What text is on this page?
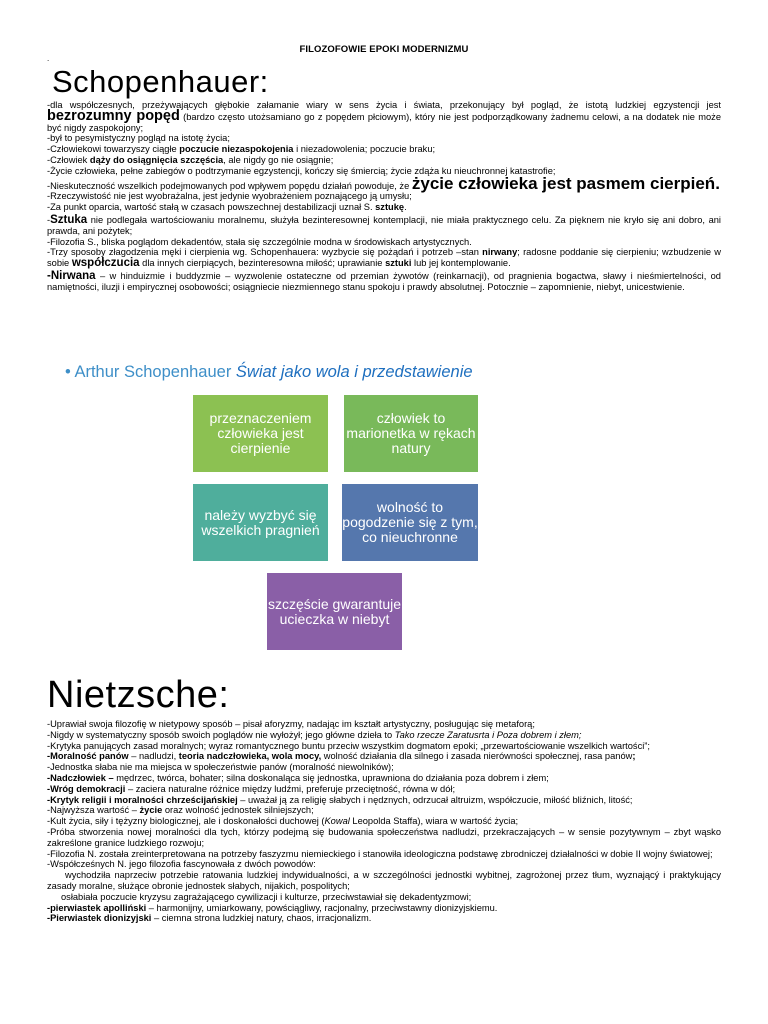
FILOZOFOWIE EPOKI MODERNIZMU
.
Schopenhauer:

-dla współczesnych, przeżywających głębokie załamanie wiary w sens życia i świata, przekonujący był pogląd, że istotą ludzkiej egzystencji jest bezrozumny popęd (bardzo często utożsamiano go z popędem płciowym), który nie jest podporządkowany żadnemu celowi, a na dodatek nie może być nigdy zaspokojony;

-był to pesymistyczny pogląd na istotę życia;

-Człowiekowi towarzyszy ciągłe poczucie niezaspokojenia i niezadowolenia; poczucie braku;

-Człowiek dąży do osiągnięcia szczęścia, ale nigdy go nie osiągnie;

-Życie człowieka, pełne zabiegów o podtrzymanie egzystencji, kończy się śmiercią; życie zdąża ku nieuchronnej katastrofie;

-Nieskuteczność wszelkich podejmowanych pod wpływem popędu działań powoduje, że życie człowieka jest pasmem cierpień.

-Rzeczywistość nie jest wyobrażalna, jest jedynie wyobrażeniem poznającego ją umysłu;

-Za punkt oparcia, wartość stałą w czasach powszechnej destabilizacji uznał S. sztukę.

-Sztuka nie podlegała wartościowaniu moralnemu, służyła bezinteresownej kontemplacji, nie miała praktycznego celu. Za pięknem nie kryło się ani dobro, ani prawda, ani pożytek;

-Filozofia S., bliska poglądom dekadentów, stała się szczególnie modna w środowiskach artystycznych.

-Trzy sposoby złagodzenia męki i cierpienia wg. Schopenhauera: wyzbycie się pożądań i potrzeb –stan nirwany; radosne poddanie się cierpieniu; wzbudzenie w sobie współczucia dla innych cierpiących, bezinteresowna miłość; uprawianie sztuki lub jej kontemplowanie.

-Nirwana – w hinduizmie i buddyzmie – wyzwolenie ostateczne od przemian żywotów (reinkarnacji), od pragnienia bogactwa, sławy i nieśmiertelności, od namiętności, iluzji i empirycznej osobowości; osiągniecie niezmiennego stanu spokoju i prawdy absolutnej. Potocznie – zapomnienie, niebyt, unicestwienie.

• Arthur Schopenhauer Świat jako wola i przedstawienie
przeznaczeniem człowieka jest cierpienie
człowiek to marionetka w rękach natury
należy wyzbyć się wszelkich pragnień
wolność to pogodzenie się z tym, co nieuchronne
szczęście gwarantuje ucieczka w niebyt
Nietzsche:

-Uprawiał swoja filozofię w nietypowy sposób – pisał aforyzmy, nadając im kształt artystyczny, posługując się metaforą;

-Nigdy w systematyczny sposób swoich poglądów nie wyłożył; jego główne dzieła to Tako rzecze Zaratusrta i Poza dobrem i złem;

-Krytyka panujących zasad moralnych; wyraz romantycznego buntu przeciw wszystkim dogmatom epoki; „przewartościowanie wszelkich wartości”;

-Moralność panów – nadludzi, teoria nadczłowieka, wola mocy, wolność działania dla silnego i zasada nierówności społecznej, rasa panów;

-Jednostka słaba nie ma miejsca w społeczeństwie panów (moralność niewolników);

-Nadczłowiek – mędrzec, twórca, bohater; silna doskonaląca się jednostka, uprawniona do działania poza dobrem i złem;

-Wróg demokracji – zaciera naturalne różnice między ludźmi, preferuje przeciętność, równa w dół;

-Krytyk religii i moralności chrześcijańskiej – uważał ją za religię słabych i nędznych, odrzucał altruizm, współczucie, miłość bliźnich, litość;

-Najwyższa wartość – życie oraz wolność jednostek silniejszych;

-Kult życia, siły i tężyzny biologicznej, ale i doskonałości duchowej (Kowal Leopolda Staffa), wiara w wartość życia;

-Próba stworzenia nowej moralności dla tych, którzy podejmą się budowania społeczeństwa nadludzi, przekraczających – w sensie pozytywnym – zbyt wąsko zakreślone granice ludzkiego rozwoju;

-Filozofia N. została zreinterpretowana na potrzeby faszyzmu niemieckiego i stanowiła ideologiczna podstawę zbrodniczej działalności w dobie II wojny światowej;

-Współcześnych N. jego filozofia fascynowała z dwóch powodów:

wychodziła naprzeciw potrzebie ratowania ludzkiej indywidualności, a w szczególności jednostki wybitnej, zagrożonej przez tłum, wyznającý i praktykujący zasady moralne, służące obronie jednostek słabych, nijakich, pospolitych;

osłabiała poczucie kryzysu zagrażającego cywilizacji i kulturze, przeciwstawiał się dekadentyzmowi;

-pierwiastek apolliński – harmonijny, umiarkowany, powściągliwy, racjonalny, przeciwstawny dionizyjskiemu.

-Pierwiastek dionizyjski – ciemna strona ludzkiej natury, chaos, irracjonalizm.
